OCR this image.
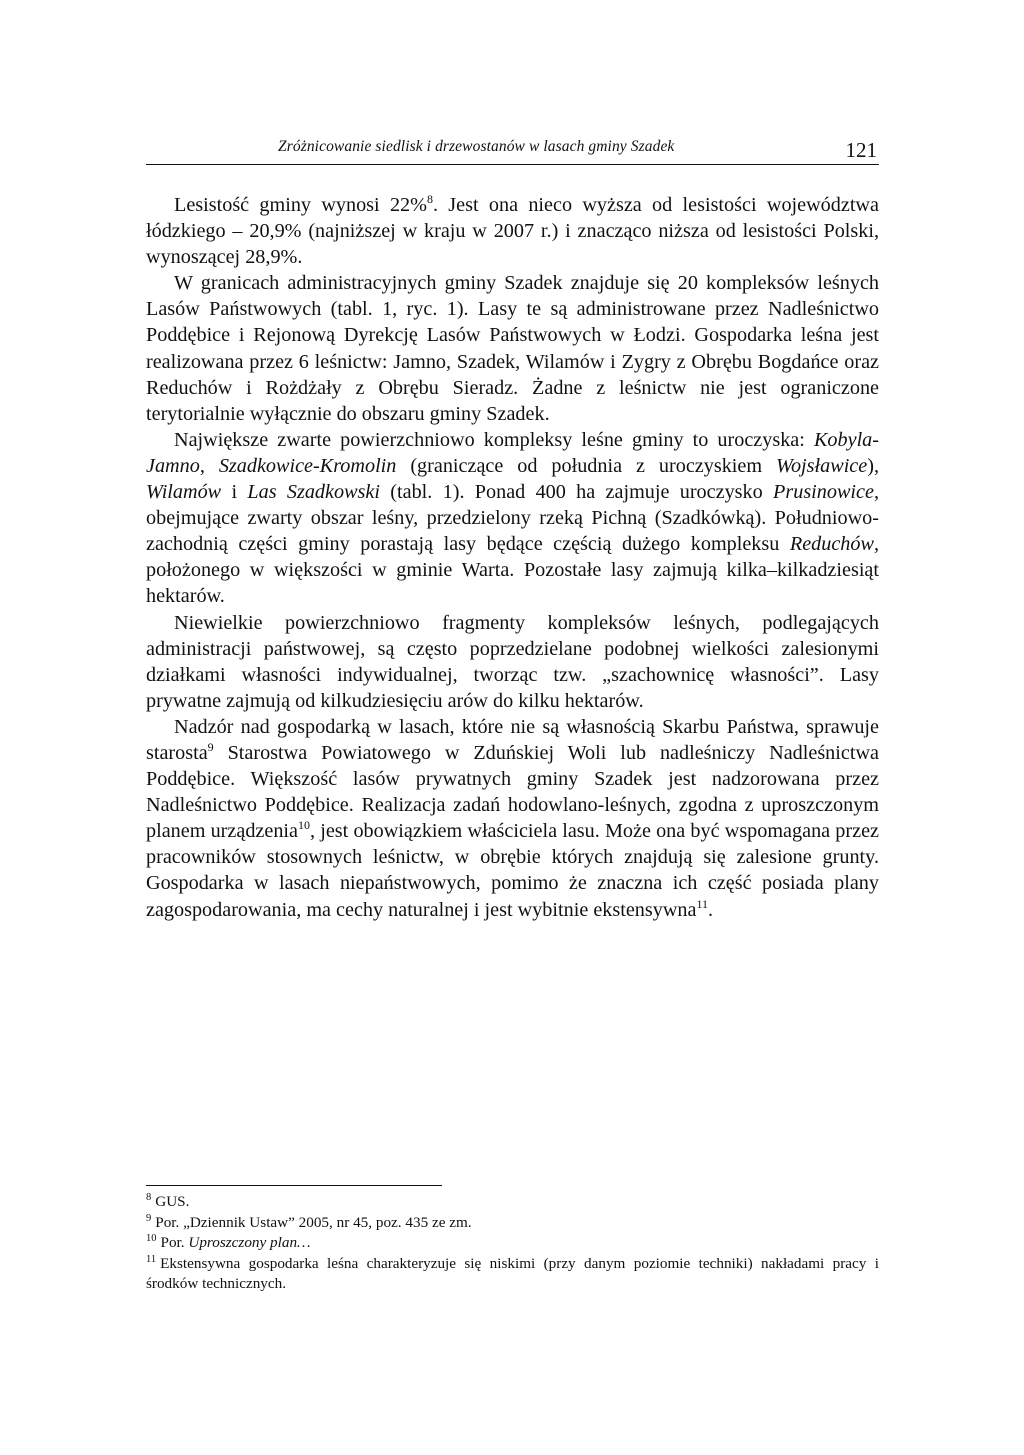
Zróżnicowanie siedlisk i drzewostanów w lasach gminy Szadek	121

Lesistość gminy wynosi 22%$^8$. Jest ona nieco wyższa od lesistości województwa łódzkiego – 20,9% (najniższej w kraju w 2007 r.) i znacząco niższa od lesistości Polski, wynoszącej 28,9%.

W granicach administracyjnych gminy Szadek znajduje się 20 kompleksów leśnych Lasów Państwowych (tabl. 1, ryc. 1). Lasy te są administrowane przez Nadleśnictwo Poddębice i Rejonową Dyrekcję Lasów Państwowych w Łodzi. Gospodarka leśna jest realizowana przez 6 leśnictw: Jamno, Szadek, Wilamów i Zygry z Obrębu Bogdańce oraz Reduchów i Rożdżały z Obrębu Sieradz. Żadne z leśnictw nie jest ograniczone terytorialnie wyłącznie do obszaru gminy Szadek.

Największe zwarte powierzchniowo kompleksy leśne gminy to uroczyska: Kobyla-Jamno, Szadkowice-Kromolin (graniczące od południa z uroczyskiem Wojsławice), Wilamów i Las Szadkowski (tabl. 1). Ponad 400 ha zajmuje uroczysko Prusinowice, obejmujące zwarty obszar leśny, przedzielony rzeką Pichną (Szadkówką). Południowo-zachodnią części gminy porastają lasy będące częścią dużego kompleksu Reduchów, położonego w większości w gminie Warta. Pozostałe lasy zajmują kilka–kilkadziesiąt hektarów.

Niewielkie powierzchniowo fragmenty kompleksów leśnych, podlegających administracji państwowej, są często poprzedzielane podobnej wielkości zalesionymi działkami własności indywidualnej, tworząc tzw. „szachownicę własności”. Lasy prywatne zajmują od kilkudziesięciu arów do kilku hektarów.

Nadzór nad gospodarką w lasach, które nie są własnością Skarbu Państwa, sprawuje starosta$^9$ Starostwa Powiatowego w Zduńskiej Woli lub nadleśniczy Nadleśnictwa Poddębice. Większość lasów prywatnych gminy Szadek jest nadzorowana przez Nadleśnictwo Poddębice. Realizacja zadań hodowlano-leśnych, zgodna z uproszczonym planem urządzenia$^{10}$, jest obowiązkiem właściciela lasu. Może ona być wspomagana przez pracowników stosownych leśnictw, w obrębie których znajdują się zalesione grunty. Gospodarka w lasach niepaństwowych, pomimo że znaczna ich część posiada plany zagospodarowania, ma cechy naturalnej i jest wybitnie ekstensywna$^{11}$.

$^8$ GUS.
$^9$ Por. „Dziennik Ustaw” 2005, nr 45, poz. 435 ze zm.
$^{10}$ Por. Uproszczony plan…
$^{11}$ Ekstensywna gospodarka leśna charakteryzuje się niskimi (przy danym poziomie techniki) nakładami pracy i środków technicznych.
